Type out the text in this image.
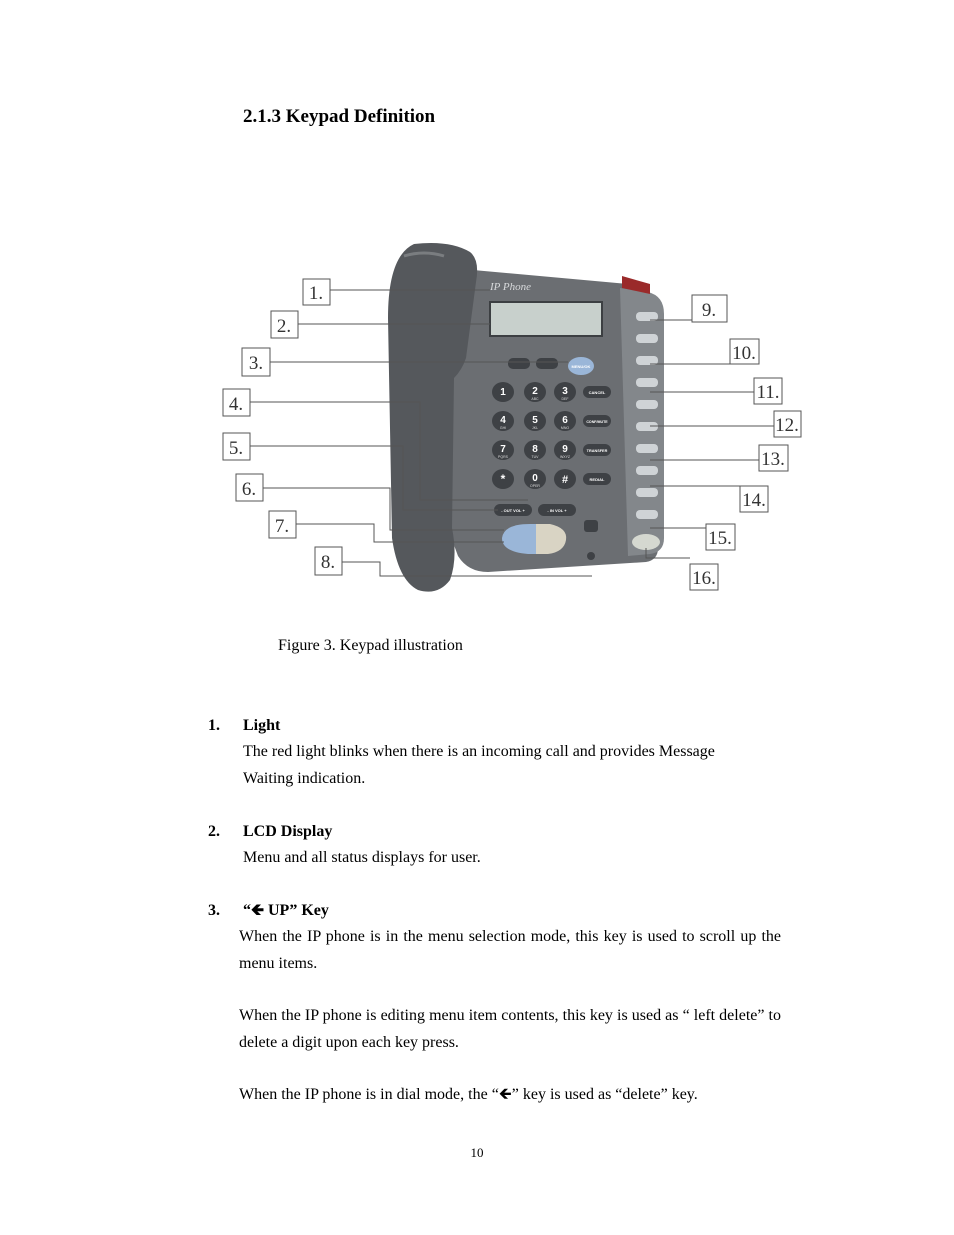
2.1.3 Keypad Definition
IP Phone
MENU/OK
1	2
ABC
3
DEF
CANCEL
4
GHI
5
JKL
6
MNO
CONF/MUTE
7
PQRS
8
TUV
9
WXYZ
TRANSFER
*	0
OPER #	REDIAL
- OUT VOL +	- IN VOL +
1.
2.
3.
4.
5.
6.
7.
8.
9.
10.
11.
12.
13.
14.
15.
16.
Figure 3. Keypad illustration
1. Light
The red light blinks when there is an incoming call and provides Message
Waiting indication.
2. LCD Display
Menu and all status displays for user.
3. “🡸 UP” Key
When the IP phone is in the menu selection mode, this key is used to scroll up the menu items.
When the IP phone is editing menu item contents, this key is used as “ left delete” to delete a digit upon each key press.
When the IP phone is in dial mode, the “🡸” key is used as “delete” key.
10
